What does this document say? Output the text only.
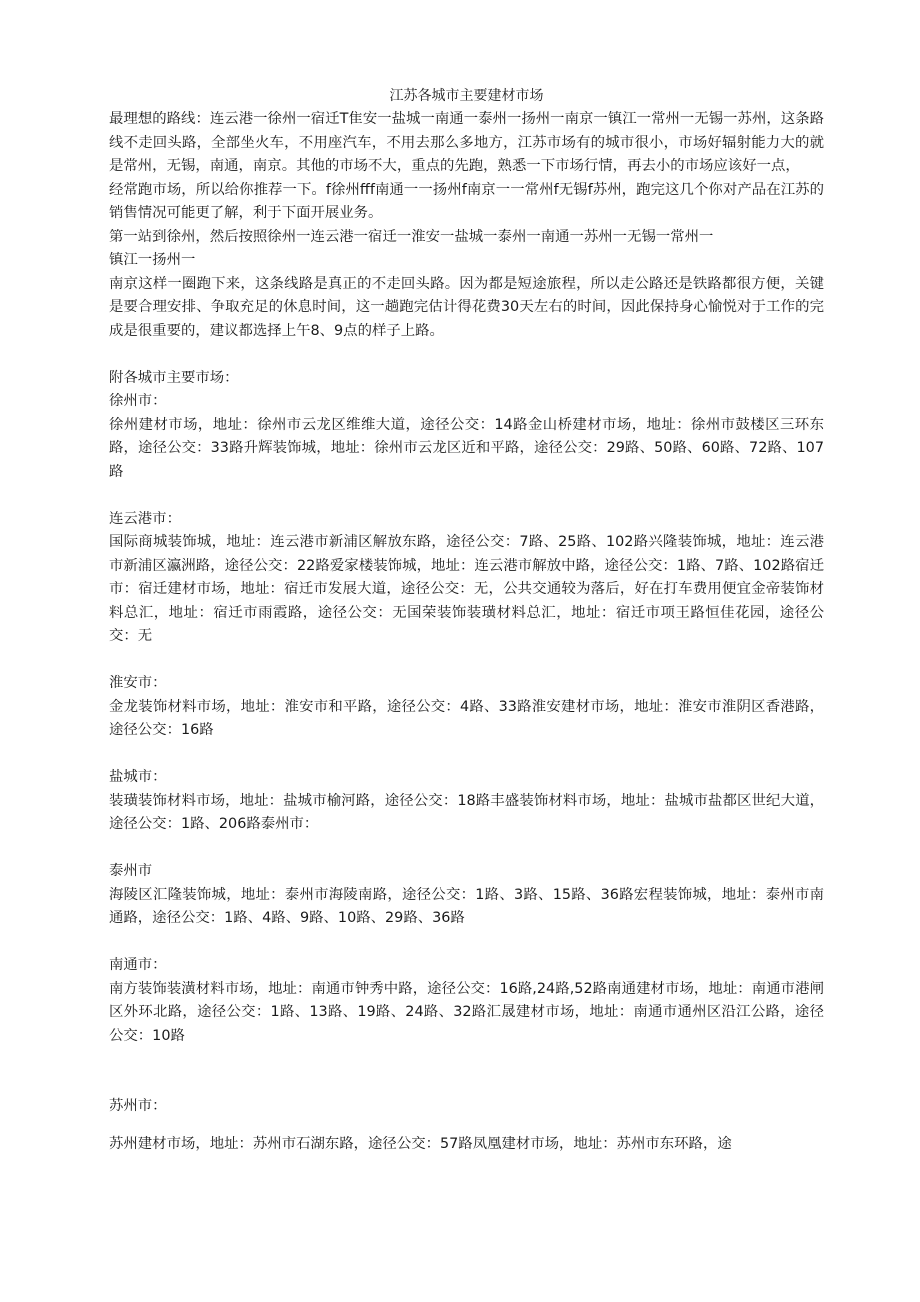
江苏各城市主要建材市场

最理想的路线：连云港一徐州一宿迁T隹安一盐城一南通一泰州一扬州一南京一镇江一常州一无锡一苏州，这条路线不走回头路，全部坐火车，不用座汽车，不用去那么多地方，江苏市场有的城市很小，市场好辐射能力大的就是常州，无锡，南通，南京。其他的市场不大，重点的先跑，熟悉一下市场行情，再去小的市场应该好一点，

经常跑市场，所以给你推荐一下。f徐州fff南通一一扬州f南京一一常州f无锡f苏州，跑完这几个你对产品在江苏的销售情况可能更了解，利于下面开展业务。

第一站到徐州，然后按照徐州一连云港一宿迁一淮安一盐城一泰州一南通一苏州一无锡一常州一
镇江一扬州一

南京这样一圈跑下来，这条线路是真正的不走回头路。因为都是短途旅程，所以走公路还是铁路都很方便，关键是要合理安排、争取充足的休息时间，这一趟跑完估计得花费30天左右的时间，因此保持身心愉悦对于工作的完成是很重要的，建议都选择上午8、9点的样子上路。

附各城市主要市场：

徐州市：

徐州建材市场，地址：徐州市云龙区维维大道，途径公交：14路金山桥建材市场，地址：徐州市鼓楼区三环东路，途径公交：33路升辉装饰城，地址：徐州市云龙区近和平路，途径公交：29路、50路、60路、72路、107路

连云港市：

国际商城装饰城，地址：连云港市新浦区解放东路，途径公交：7路、25路、102路兴隆装饰城，地址：连云港市新浦区瀛洲路，途径公交：22路爱家楼装饰城，地址：连云港市解放中路，途径公交：1路、7路、102路宿迁市：宿迁建材市场，地址：宿迁市发展大道，途径公交：无，公共交通较为落后，好在打车费用便宜金帝装饰材料总汇，地址：宿迁市雨霞路，途径公交：无国荣装饰装璜材料总汇，地址：宿迁市项王路恒佳花园，途径公交：无

淮安市：

金龙装饰材料市场，地址：淮安市和平路，途径公交：4路、33路淮安建材市场，地址：淮安市淮阴区香港路，途径公交：16路

盐城市：

装璜装饰材料市场，地址：盐城市榆河路，途径公交：18路丰盛装饰材料市场，地址：盐城市盐都区世纪大道，途径公交：1路、206路泰州市：

泰州市

海陵区汇隆装饰城，地址：泰州市海陵南路，途径公交：1路、3路、15路、36路宏程装饰城，地址：泰州市南通路，途径公交：1路、4路、9路、10路、29路、36路

南通市：

南方装饰装潢材料市场，地址：南通市钟秀中路，途径公交：16路,24路,52路南通建材市场，地址：南通市港闸区外环北路，途径公交：1路、13路、19路、24路、32路汇晟建材市场，地址：南通市通州区沿江公路，途径公交：10路

苏州市：

苏州建材市场，地址：苏州市石湖东路，途径公交：57路凤凰建材市场，地址：苏州市东环路，途
